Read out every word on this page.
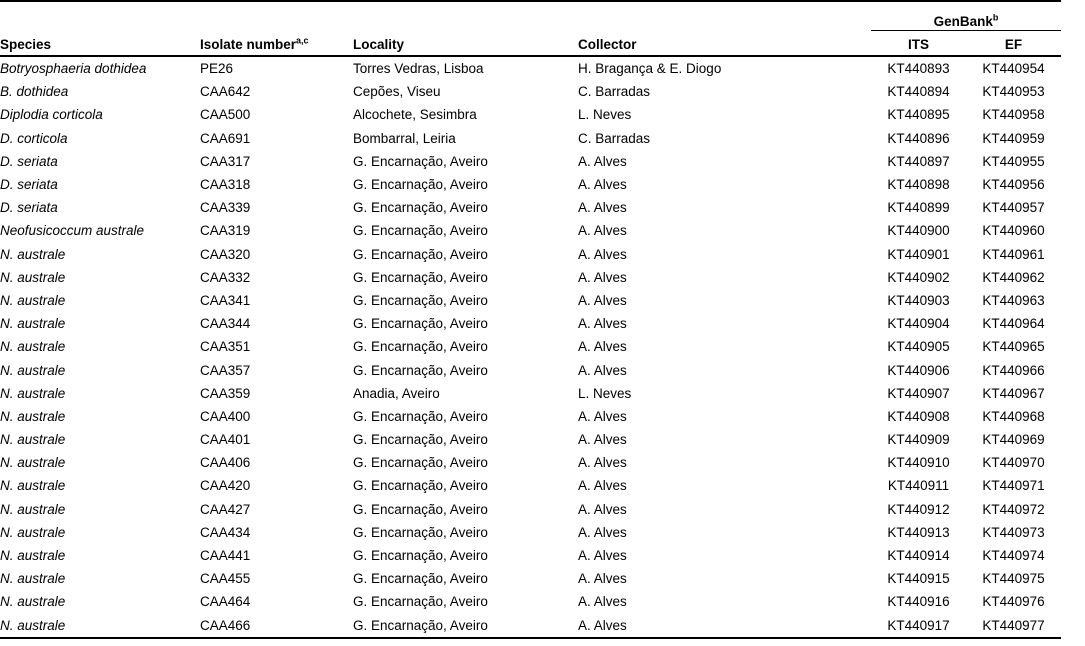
				GenBank$^b$
Species	Isolate number$^{a,c}$	Locality	Collector	ITS	EF
Botryosphaeria dothidea	PE26	Torres Vedras, Lisboa	H. Bragança & E. Diogo	KT440893	KT440954
B. dothidea	CAA642	Cepões, Viseu	C. Barradas	KT440894	KT440953
Diplodia corticola	CAA500	Alcochete, Sesimbra	L. Neves	KT440895	KT440958
D. corticola	CAA691	Bombarral, Leiria	C. Barradas	KT440896	KT440959
D. seriata	CAA317	G. Encarnação, Aveiro	A. Alves	KT440897	KT440955
D. seriata	CAA318	G. Encarnação, Aveiro	A. Alves	KT440898	KT440956
D. seriata	CAA339	G. Encarnação, Aveiro	A. Alves	KT440899	KT440957
Neofusicoccum australe	CAA319	G. Encarnação, Aveiro	A. Alves	KT440900	KT440960
N. australe	CAA320	G. Encarnação, Aveiro	A. Alves	KT440901	KT440961
N. australe	CAA332	G. Encarnação, Aveiro	A. Alves	KT440902	KT440962
N. australe	CAA341	G. Encarnação, Aveiro	A. Alves	KT440903	KT440963
N. australe	CAA344	G. Encarnação, Aveiro	A. Alves	KT440904	KT440964
N. australe	CAA351	G. Encarnação, Aveiro	A. Alves	KT440905	KT440965
N. australe	CAA357	G. Encarnação, Aveiro	A. Alves	KT440906	KT440966
N. australe	CAA359	Anadia, Aveiro	L. Neves	KT440907	KT440967
N. australe	CAA400	G. Encarnação, Aveiro	A. Alves	KT440908	KT440968
N. australe	CAA401	G. Encarnação, Aveiro	A. Alves	KT440909	KT440969
N. australe	CAA406	G. Encarnação, Aveiro	A. Alves	KT440910	KT440970
N. australe	CAA420	G. Encarnação, Aveiro	A. Alves	KT440911	KT440971
N. australe	CAA427	G. Encarnação, Aveiro	A. Alves	KT440912	KT440972
N. australe	CAA434	G. Encarnação, Aveiro	A. Alves	KT440913	KT440973
N. australe	CAA441	G. Encarnação, Aveiro	A. Alves	KT440914	KT440974
N. australe	CAA455	G. Encarnação, Aveiro	A. Alves	KT440915	KT440975
N. australe	CAA464	G. Encarnação, Aveiro	A. Alves	KT440916	KT440976
N. australe	CAA466	G. Encarnação, Aveiro	A. Alves	KT440917	KT440977
